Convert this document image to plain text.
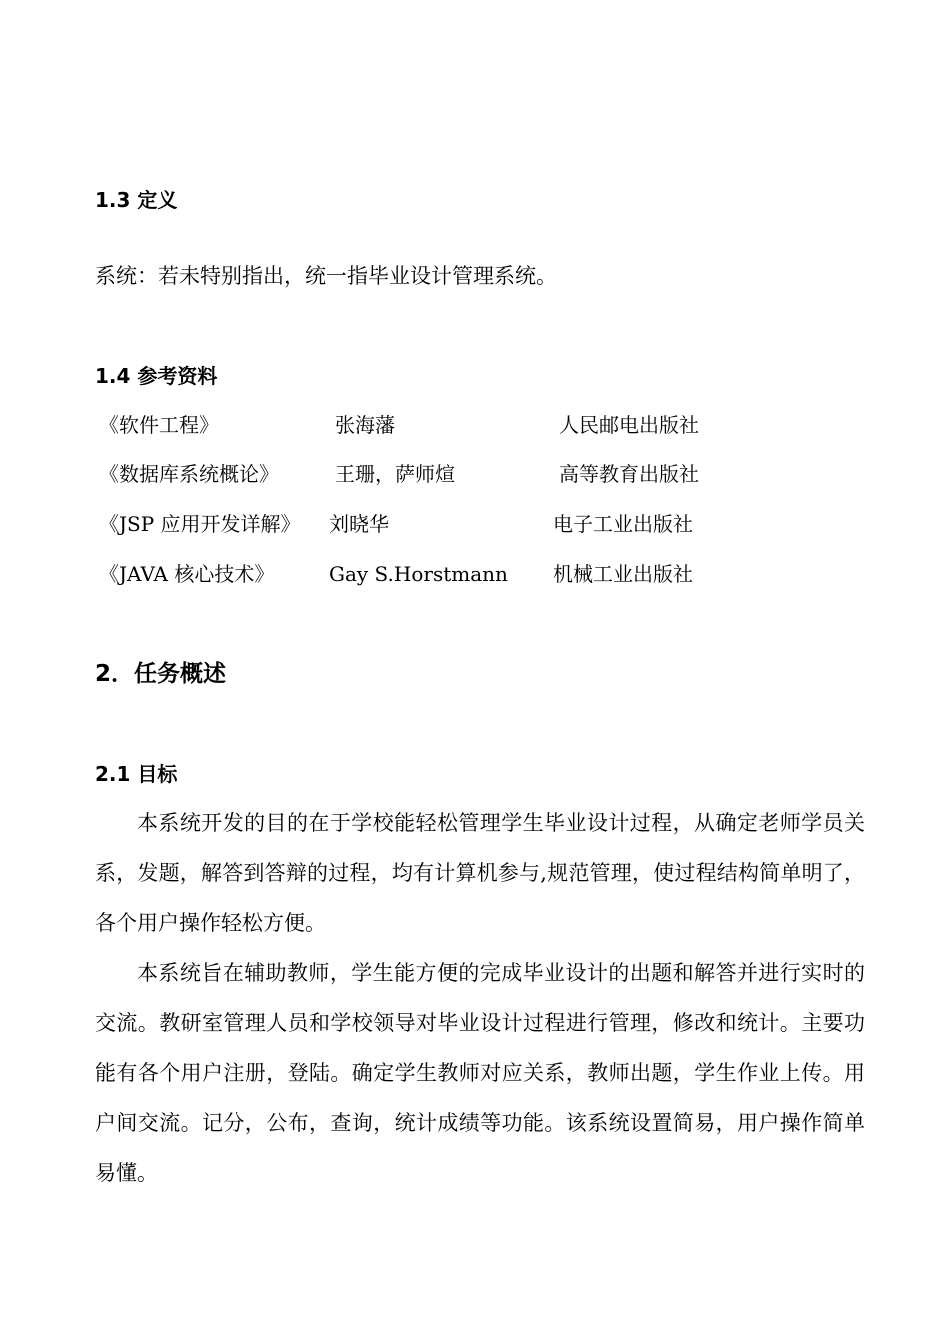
1.3 定义
系统：若未特别指出，统一指毕业设计管理系统。
1.4 参考资料
《软件工程》	张海藩	人民邮电出版社
《数据库系统概论》	王珊，萨师煊	高等教育出版社
《JSP 应用开发详解》 刘晓华	电子工业出版社
《JAVA 核心技术》	Gay S.Horstmann 机械工业出版社
2．任务概述
2.1 目标

本系统开发的目的在于学校能轻松管理学生毕业设计过程，从确定老师学员关系，发题，解答到答辩的过程，均有计算机参与,规范管理，使过程结构简单明了，各个用户操作轻松方便。

本系统旨在辅助教师，学生能方便的完成毕业设计的出题和解答并进行实时的交流。教研室管理人员和学校领导对毕业设计过程进行管理，修改和统计。主要功能有各个用户注册，登陆。确定学生教师对应关系，教师出题，学生作业上传。用户间交流。记分，公布，查询，统计成绩等功能。该系统设置简易，用户操作简单易懂。
